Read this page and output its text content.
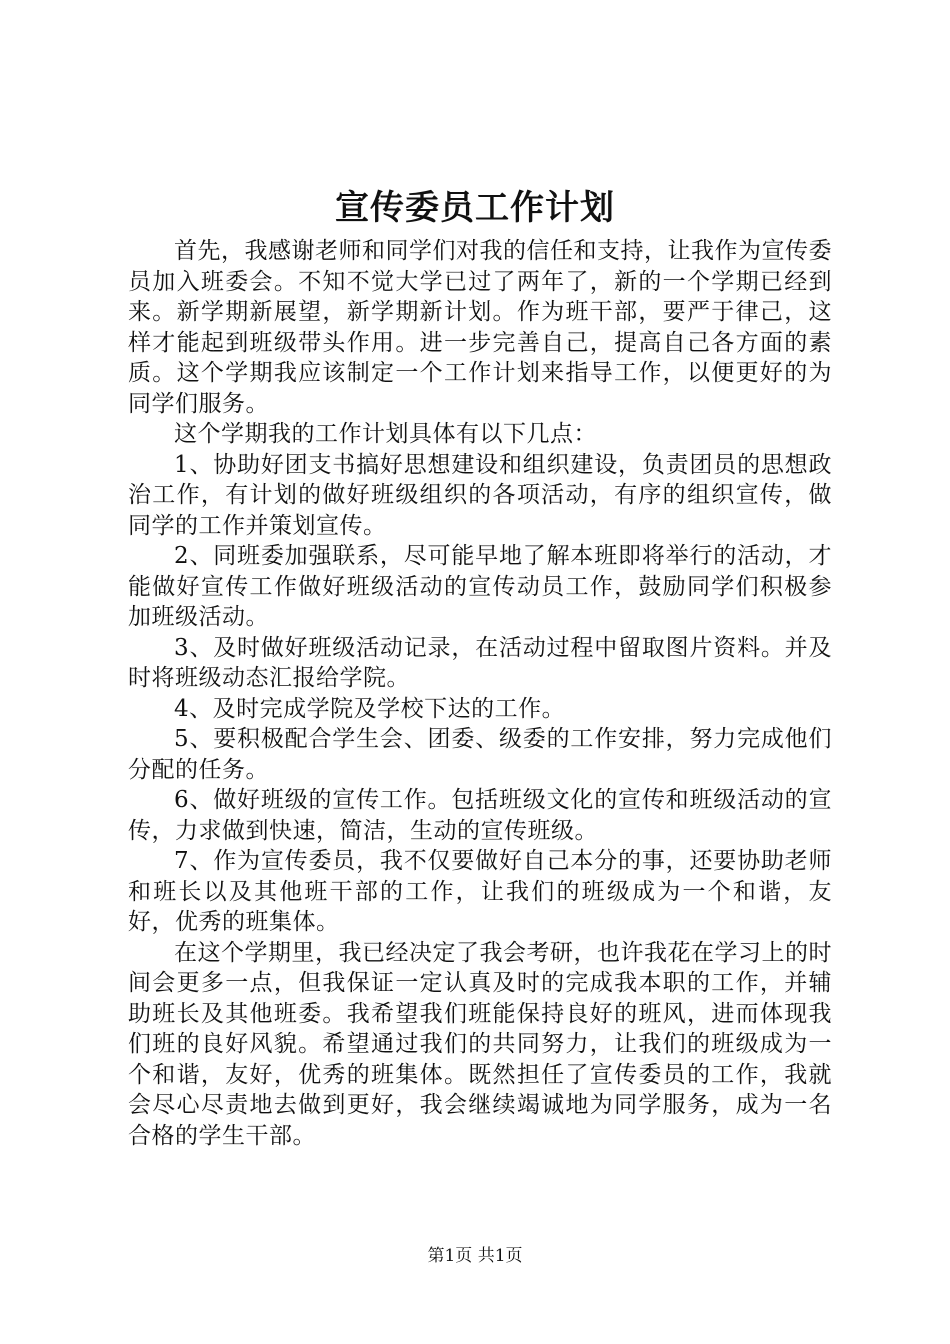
宣传委员工作计划

首先，我感谢老师和同学们对我的信任和支持，让我作为宣传委员加入班委会。不知不觉大学已过了两年了，新的一个学期已经到来。新学期新展望，新学期新计划。作为班干部，要严于律己，这样才能起到班级带头作用。进一步完善自己，提高自己各方面的素质。这个学期我应该制定一个工作计划来指导工作，以便更好的为同学们服务。

这个学期我的工作计划具体有以下几点：

1、协助好团支书搞好思想建设和组织建设，负责团员的思想政治工作，有计划的做好班级组织的各项活动，有序的组织宣传，做同学的工作并策划宣传。

2、同班委加强联系，尽可能早地了解本班即将举行的活动，才能做好宣传工作做好班级活动的宣传动员工作，鼓励同学们积极参加班级活动。

3、及时做好班级活动记录，在活动过程中留取图片资料。并及时将班级动态汇报给学院。

4、及时完成学院及学校下达的工作。

5、要积极配合学生会、团委、级委的工作安排，努力完成他们分配的任务。

6、做好班级的宣传工作。包括班级文化的宣传和班级活动的宣传，力求做到快速，简洁，生动的宣传班级。

7、作为宣传委员，我不仅要做好自己本分的事，还要协助老师和班长以及其他班干部的工作，让我们的班级成为一个和谐，友好，优秀的班集体。

在这个学期里，我已经决定了我会考研，也许我花在学习上的时间会更多一点，但我保证一定认真及时的完成我本职的工作，并辅助班长及其他班委。我希望我们班能保持良好的班风，进而体现我们班的良好风貌。希望通过我们的共同努力，让我们的班级成为一个和谐，友好，优秀的班集体。既然担任了宣传委员的工作，我就会尽心尽责地去做到更好，我会继续竭诚地为同学服务，成为一名合格的学生干部。

第1页 共1页
